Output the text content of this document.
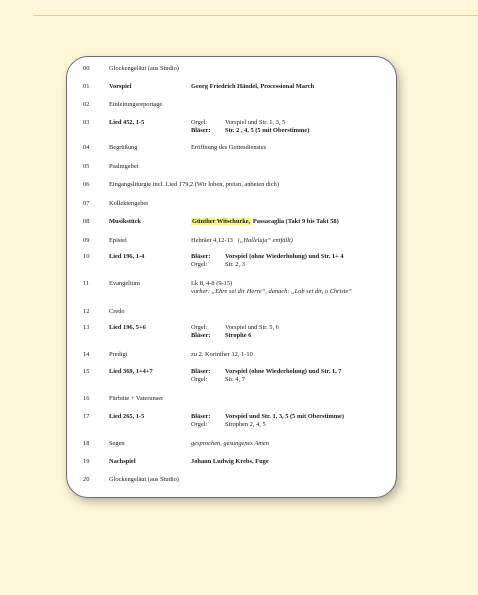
00	Glockengeläut (aus Studio)
01	Vorspiel	Georg Friedrich Händel, Processional March
02	Einleitungsreportage
03	Lied 452, 1-5	Orgel:	Vorspiel und Str. 1, 3, 5
Bläser: Str. 2 , 4, 5 (5 mit Oberstimme)
04	Begrüßung	Eröffnung des Gottesdienstes
05	Psalmgebet
06	Eingangsliturgie incl. Lied 179,2 (Wir loben, preisn, anbeten dich)
07	Kollektengebet
08	Musikstück	Günther Witschurke, Passacaglia (Takt 9 bis Takt 58)
09	Epistel	Hebräer 4,12-13 („Halleluja“ entfällt)
10	Lied 196, 1-4	Bläser: Vorspiel (ohne Wiederholung) und Str. 1+ 4
Orgel:	Str. 2, 3
11	Evangelium	Lk 8, 4-8 (9-15)
vorher: „Ehre sei dir Herre“, danach: „Lob sei dir, o Christe“
12	Credo
13	Lied 196, 5+6	Orgel:	Vorspiel und Str. 5, 6
Bläser: Strophe 6
14	Predigt	zu 2. Korinther 12, 1-10
15	Lied 369, 1+4+7	Bläser: Vorspiel (ohne Wiederholung) und Str. 1, 7
Orgel:	Str. 4, 7
16	Fürbitte + Vaterunser
17	Lied 265, 1-5	Bläser: Vorspiel und Str. 1, 3, 5 (5 mit Oberstimme)
Orgel:	Strophen 2, 4, 5
18	Segen	gesprochen, gesungenes Amen
19	Nachspiel	Johann Ludwig Krebs, Fuge
20	Glockengeläut (aus Studio)
